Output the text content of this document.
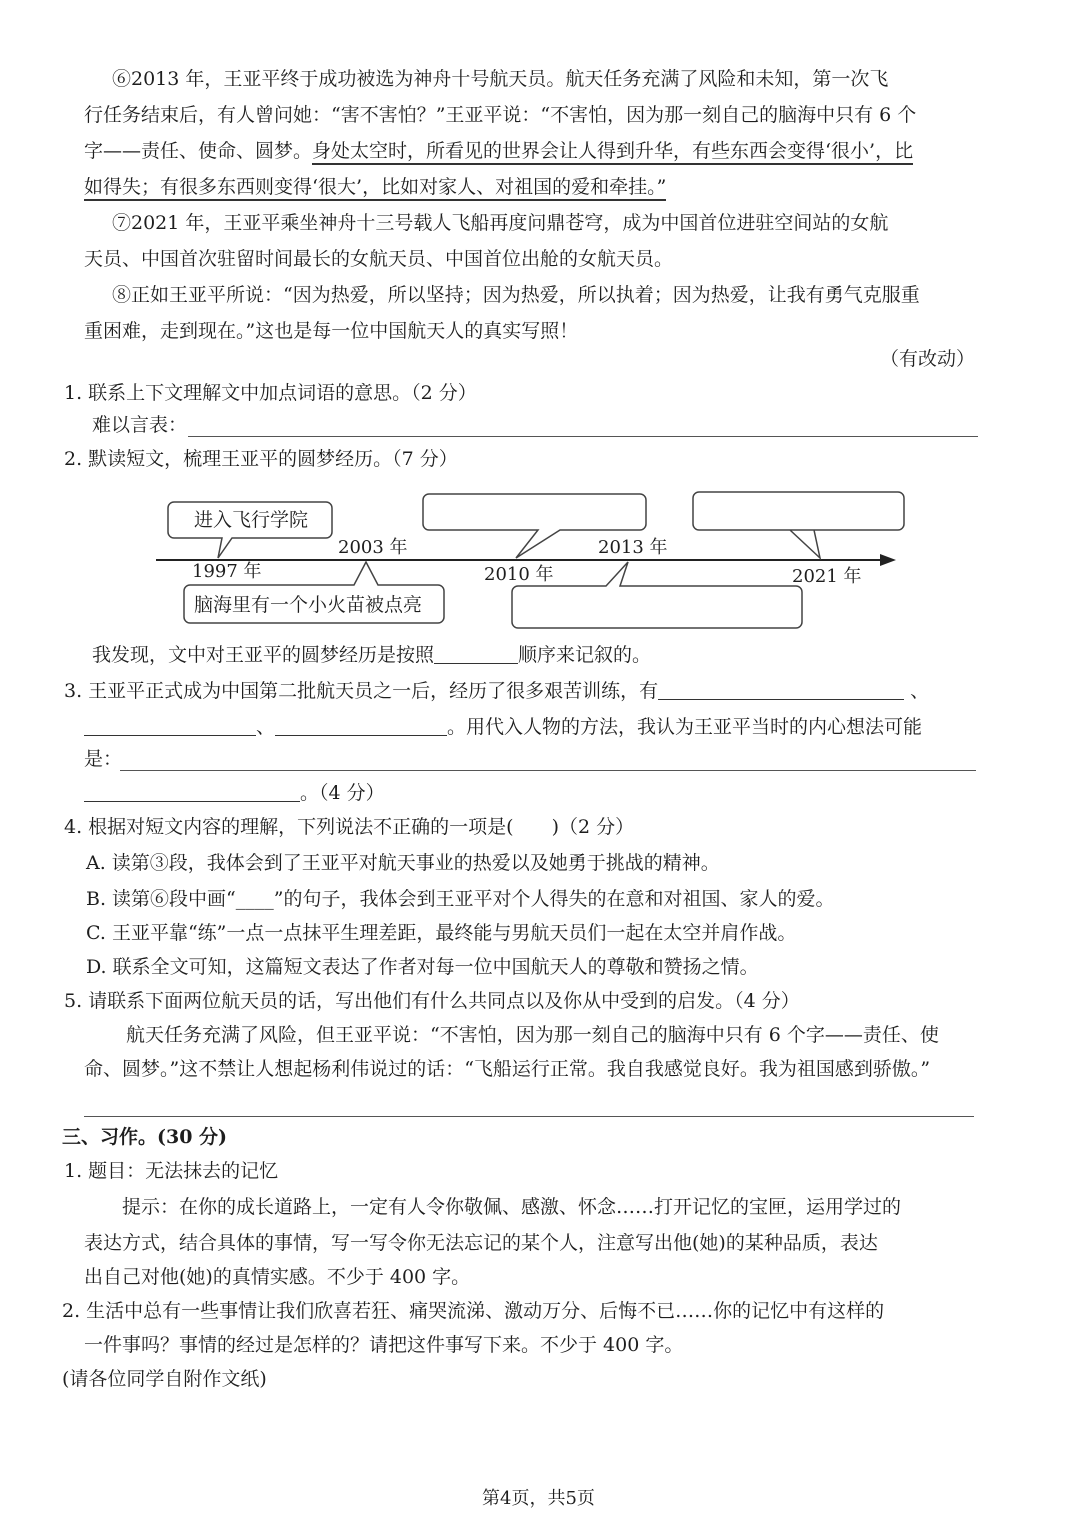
⑥2013 年，王亚平终于成功被选为神舟十号航天员。航天任务充满了风险和未知，第一次飞
行任务结束后，有人曾问她：“害不害怕？”王亚平说：“不害怕，因为那一刻自己的脑海中只有 6 个
字——责任、使命、圆梦。身处太空时，所看见的世界会让人得到升华，有些东西会变得‘很小’，比
如得失；有很多东西则变得‘很大’，比如对家人、对祖国的爱和牵挂。”
⑦2021 年，王亚平乘坐神舟十三号载人飞船再度问鼎苍穹，成为中国首位进驻空间站的女航
天员、中国首次驻留时间最长的女航天员、中国首位出舱的女航天员。
⑧正如王亚平所说：“因为热爱，所以坚持；因为热爱，所以执着；因为热爱，让我有勇气克服重
重困难，走到现在。”这也是每一位中国航天人的真实写照！
（有改动）
1. 联系上下文理解文中加点词语的意思。（2 分）
难以言表：
2. 默读短文，梳理王亚平的圆梦经历。（7 分）
进入飞行学院
脑海里有一个小火苗被点亮
1997 年
2003 年
2010 年
2013 年
2021 年
我发现，文中对王亚平的圆梦经历是按照	顺序来记叙的。
3. 王亚平正式成为中国第二批航天员之一后，经历了很多艰苦训练，有	、
、	。用代入人物的方法，我认为王亚平当时的内心想法可能
是：
。（4 分）
4. 根据对短文内容的理解，下列说法不正确的一项是(　　)（2 分）
A. 读第③段，我体会到了王亚平对航天事业的热爱以及她勇于挑战的精神。
B. 读第⑥段中画“____”的句子，我体会到王亚平对个人得失的在意和对祖国、家人的爱。
C. 王亚平靠“练”一点一点抹平生理差距，最终能与男航天员们一起在太空并肩作战。
D. 联系全文可知，这篇短文表达了作者对每一位中国航天人的尊敬和赞扬之情。
5. 请联系下面两位航天员的话，写出他们有什么共同点以及你从中受到的启发。（4 分）
航天任务充满了风险，但王亚平说：“不害怕，因为那一刻自己的脑海中只有 6 个字——责任、使
命、圆梦。”这不禁让人想起杨利伟说过的话：“飞船运行正常。我自我感觉良好。我为祖国感到骄傲。”
三、习作。(30 分)
1. 题目：无法抹去的记忆
提示：在你的成长道路上，一定有人令你敬佩、感激、怀念……打开记忆的宝匣，运用学过的
表达方式，结合具体的事情，写一写令你无法忘记的某个人，注意写出他(她)的某种品质，表达
出自己对他(她)的真情实感。不少于 400 字。
2. 生活中总有一些事情让我们欣喜若狂、痛哭流涕、激动万分、后悔不已……你的记忆中有这样的
一件事吗？事情的经过是怎样的？请把这件事写下来。不少于 400 字。
(请各位同学自附作文纸)
第4页，共5页
